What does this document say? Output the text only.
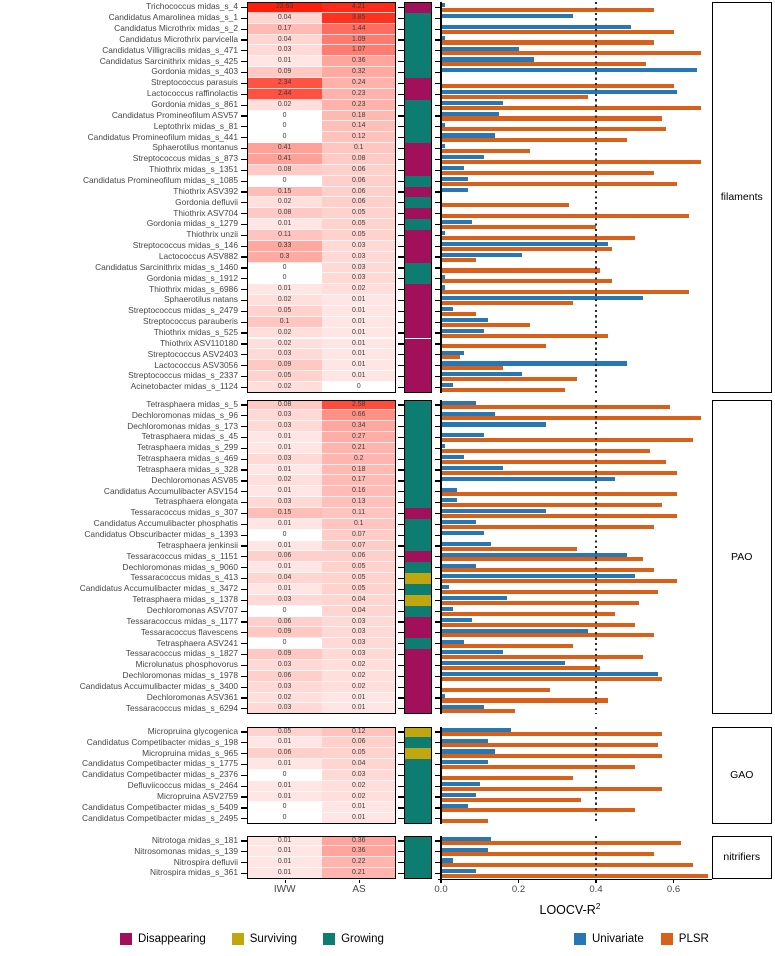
IWW	AS	0.0	0.2	0.4	0.6
LOOCV-$R^2$
Disappearing	Surviving	Growing	Univariate	PLSR
Trichococcus midas_s_4	22.63	4.21
Candidatus Amarolinea midas_s_1	0.04	3.85
Candidatus Microthrix midas_s_2	0.17	1.44
Candidatus Microthrix parvicella	0.04	1.09
Candidatus Villigracilis midas_s_471	0.03	1.07
Candidatus Sarcinithrix midas_s_425	0.01	0.36
Gordonia midas_s_403	0.09	0.32
Streptococcus parasuis	2.34	0.24
Lactococcus raffinolactis	2.44	0.23
Gordonia midas_s_861	0.02	0.23
Candidatus Promineofilum ASV57	0	0.18
Leptothrix midas_s_81	0	0.14
Candidatus Promineofilum midas_s_441	0	0.12
Sphaerotilus montanus	0.41	0.1
Streptococcus midas_s_873	0.41	0.08
Thiothrix midas_s_1351	0.08	0.06
Candidatus Promineofilum midas_s_1085	0	0.06
Thiothrix ASV392	0.15	0.06
Gordonia defluvii	0.02	0.06
Thiothrix ASV704	0.08	0.05
Gordonia midas_s_1279	0.01	0.05
Thiothrix unzii	0.11	0.05
Streptococcus midas_s_146	0.33	0.03
Lactococcus ASV882	0.3	0.03
Candidatus Sarcinithrix midas_s_1460	0	0.03
Gordonia midas_s_1912	0	0.03
Thiothrix midas_s_6986	0.01	0.02
Sphaerotilus natans	0.02	0.01
Streptococcus midas_s_2479	0.05	0.01
Streptococcus parauberis	0.1	0.01
Thiothrix midas_s_525	0.02	0.01
Thiothrix ASV110180	0.02	0.01
Streptococcus ASV2403	0.03	0.01
Lactococcus ASV3056	0.09	0.01
Streptococcus midas_s_2337	0.05	0.01
Acinetobacter midas_s_1124	0.02	0
filaments
Tetrasphaera midas_s_5	0.08	2.58
Dechloromonas midas_s_96	0.03	0.66
Dechloromonas midas_s_173	0.03	0.34
Tetrasphaera midas_s_45	0.01	0.27
Tetrasphaera midas_s_299	0.01	0.21
Tetrasphaera midas_s_469	0.03	0.2
Tetrasphaera midas_s_328	0.01	0.18
Dechloromonas ASV85	0.02	0.17
Candidatus Accumulibacter ASV154	0.01	0.16
Tetrasphaera elongata	0.03	0.13
Tessaracoccus midas_s_307	0.15	0.11
Candidatus Accumulibacter phosphatis	0.01	0.1
Candidatus Obscuribacter midas_s_1393	0	0.07
Tetrasphaera jenkinsii	0.01	0.07
Tessaracoccus midas_s_1151	0.06	0.06
Dechloromonas midas_s_9060	0.01	0.05
Tessaracoccus midas_s_413	0.04	0.05
Candidatus Accumulibacter midas_s_3472	0.01	0.05
Tetrasphaera midas_s_1378	0.03	0.04
Dechloromonas ASV707	0	0.04
Tessaracoccus midas_s_1177	0.06	0.03
Tessaracoccus flavescens	0.09	0.03
Tetrasphaera ASV241	0	0.03
Tessaracoccus midas_s_1827	0.09	0.03
Microlunatus phosphovorus	0.03	0.02
Dechloromonas midas_s_1978	0.06	0.02
Candidatus Accumulibacter midas_s_3400	0.03	0.02
Dechloromonas ASV361	0.02	0.01
Tessaracoccus midas_s_6294	0.03	0.01
PAO
Micropruina glycogenica	0.05	0.12
Candidatus Competibacter midas_s_198	0.01	0.06
Micropruina midas_s_965	0.06	0.05
Candidatus Competibacter midas_s_1775	0.01	0.04
Candidatus Competibacter midas_s_2376	0	0.03
Defluviicoccus midas_s_2464	0.01	0.02
Micropruina ASV2759	0.01	0.02
Candidatus Competibacter midas_s_5409	0	0.01
Candidatus Competibacter midas_s_2495	0	0.01
GAO
Nitrotoga midas_s_181	0.01	0.36
Nitrosomonas midas_s_139	0.01	0.36
Nitrospira defluvii	0.01	0.22
Nitrospira midas_s_361	0.01	0.21
nitrifiers
